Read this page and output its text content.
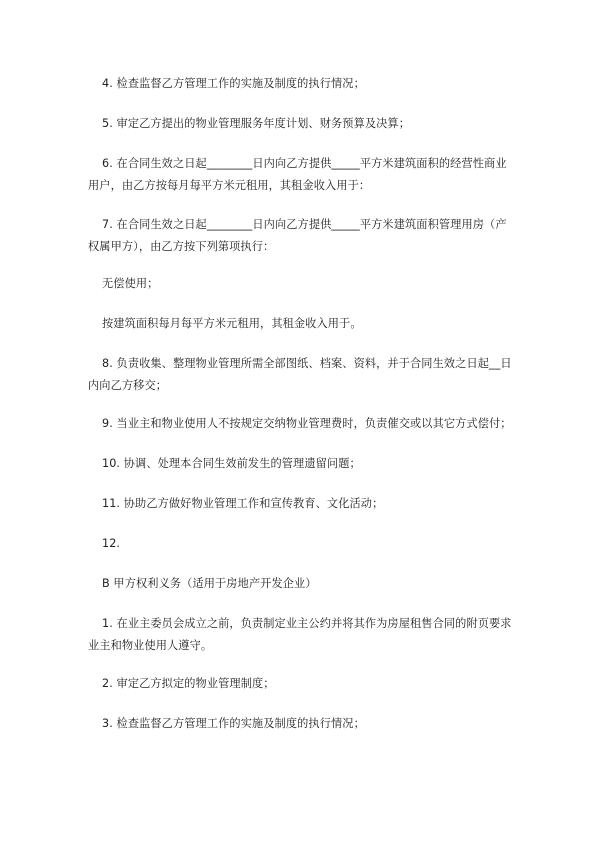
4. 检查监督乙方管理工作的实施及制度的执行情况；

5. 审定乙方提出的物业管理服务年度计划、财务预算及决算；

6. 在合同生效之日起________日内向乙方提供_____平方米建筑面积的经营性商业用户，由乙方按每月每平方米元租用，其租金收入用于：

7. 在合同生效之日起________日内向乙方提供_____平方米建筑面积管理用房（产权属甲方），由乙方按下列第项执行：

无偿使用；

按建筑面积每月每平方米元租用，其租金收入用于。

8. 负责收集、整理物业管理所需全部图纸、档案、资料，并于合同生效之日起__日内向乙方移交；

9. 当业主和物业使用人不按规定交纳物业管理费时，负责催交或以其它方式偿付；

10. 协调、处理本合同生效前发生的管理遗留问题；

11. 协助乙方做好物业管理工作和宣传教育、文化活动；

12.

B 甲方权利义务（适用于房地产开发企业）

1. 在业主委员会成立之前，负责制定业主公约并将其作为房屋租售合同的附页要求业主和物业使用人遵守。

2. 审定乙方拟定的物业管理制度；

3. 检查监督乙方管理工作的实施及制度的执行情况；
